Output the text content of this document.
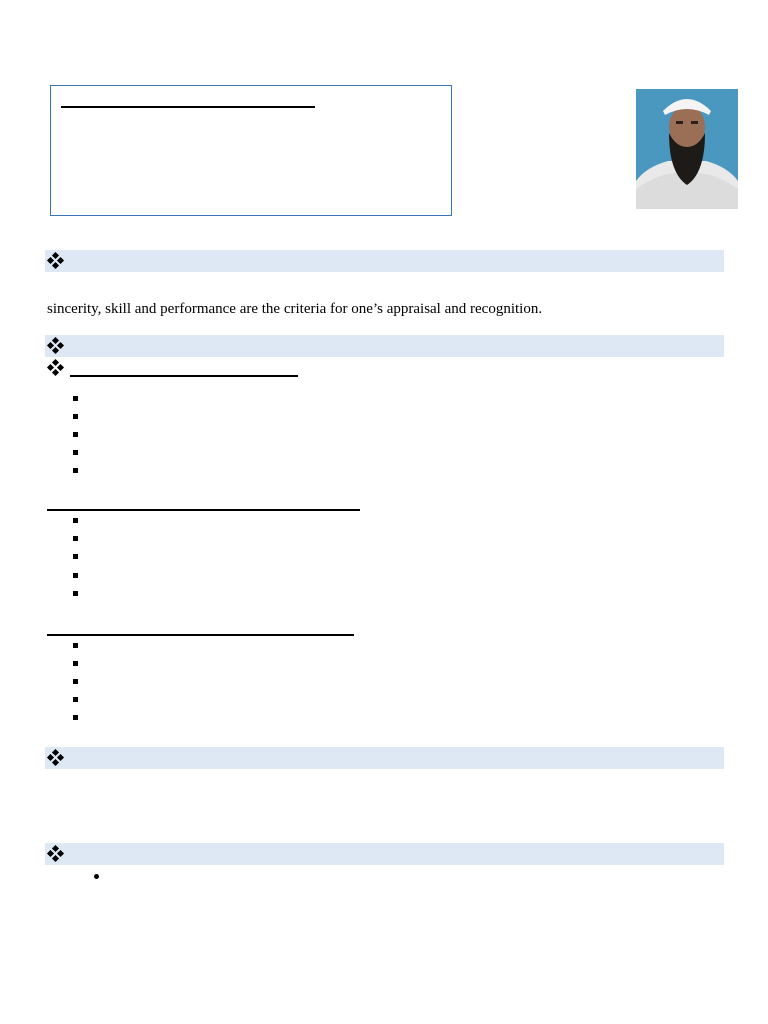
sincerity, skill and performance are the criteria for one’s appraisal and recognition.
